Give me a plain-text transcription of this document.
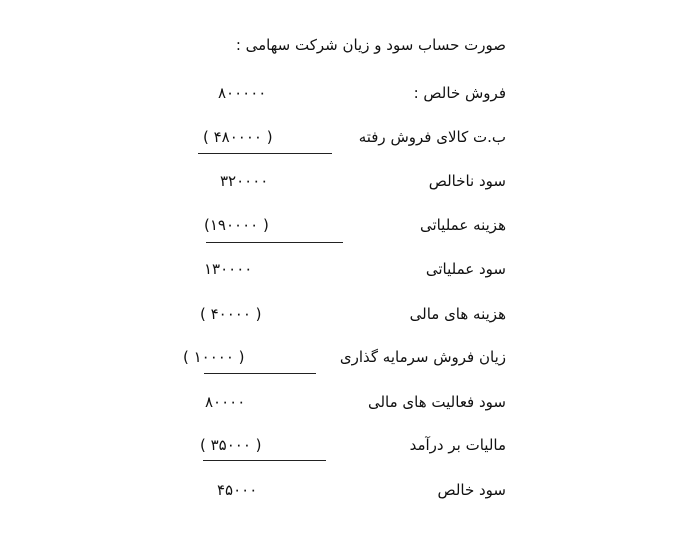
صورت حساب سود و زیان شرکت سهامی :
فروش خالص :
۸۰۰۰۰۰
ب.ت کالای فروش رفته
( ۴۸۰۰۰۰ )
سود ناخالص
۳۲۰۰۰۰
هزینه عملیاتی
(۱۹۰۰۰۰ )
سود عملیاتی
۱۳۰۰۰۰
هزینه های مالی
( ۴۰۰۰۰ )
زیان فروش سرمایه گذاری
( ۱۰۰۰۰ )
سود فعالیت های مالی
۸۰۰۰۰
مالیات بر درآمد
( ۳۵۰۰۰ )
سود خالص
۴۵۰۰۰
